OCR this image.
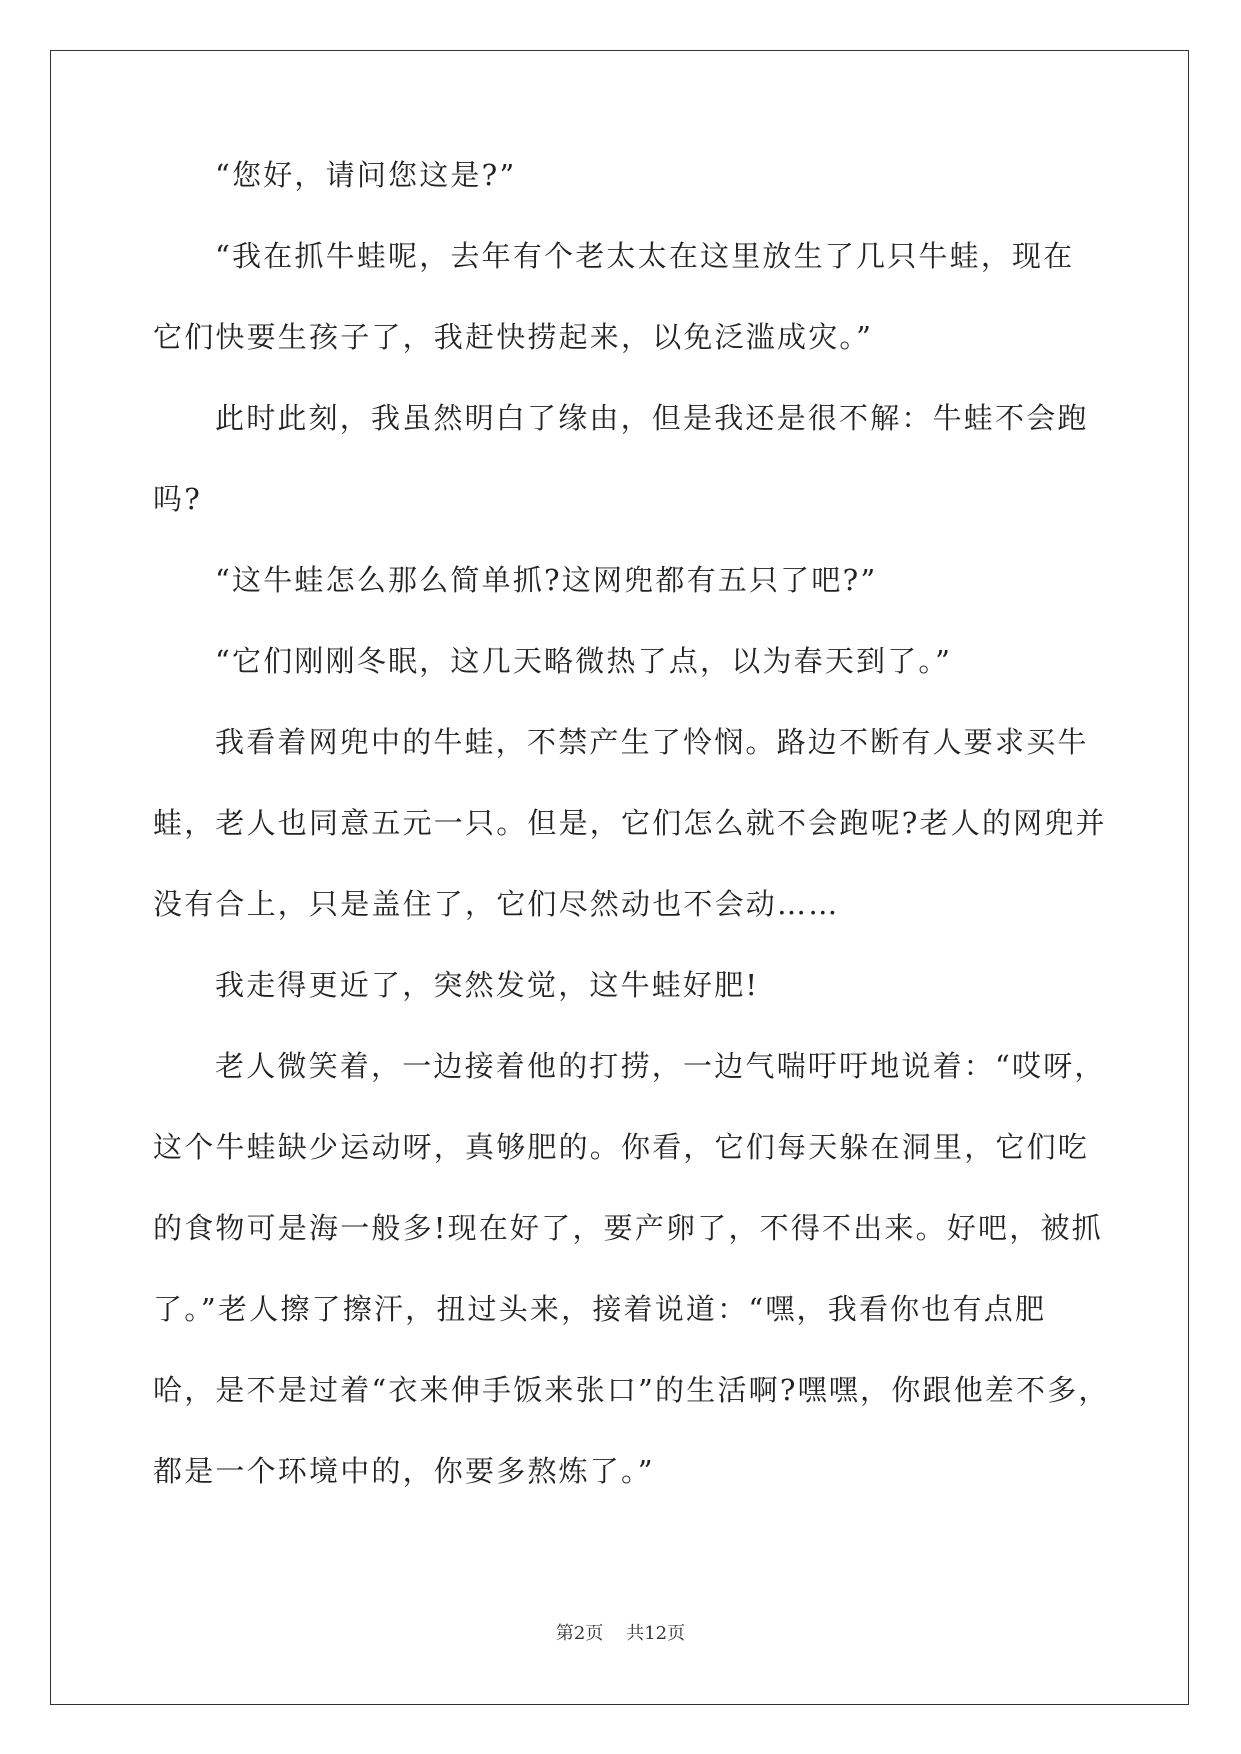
“您好，请问您这是?”
“我在抓牛蛙呢，去年有个老太太在这里放生了几只牛蛙，现在
它们快要生孩子了，我赶快捞起来，以免泛滥成灾。”
此时此刻，我虽然明白了缘由，但是我还是很不解：牛蛙不会跑
吗?
“这牛蛙怎么那么简单抓?这网兜都有五只了吧?”
“它们刚刚冬眠，这几天略微热了点，以为春天到了。”
我看着网兜中的牛蛙，不禁产生了怜悯。路边不断有人要求买牛
蛙，老人也同意五元一只。但是，它们怎么就不会跑呢?老人的网兜并
没有合上，只是盖住了，它们尽然动也不会动……
我走得更近了，突然发觉，这牛蛙好肥!
老人微笑着，一边接着他的打捞，一边气喘吁吁地说着：“哎呀，
这个牛蛙缺少运动呀，真够肥的。你看，它们每天躲在洞里，它们吃
的食物可是海一般多!现在好了，要产卵了，不得不出来。好吧，被抓
了。”老人擦了擦汗，扭过头来，接着说道：“嘿，我看你也有点肥
哈，是不是过着“衣来伸手饭来张口”的生活啊?嘿嘿，你跟他差不多，
都是一个环境中的，你要多熬炼了。”
第2页    共12页
